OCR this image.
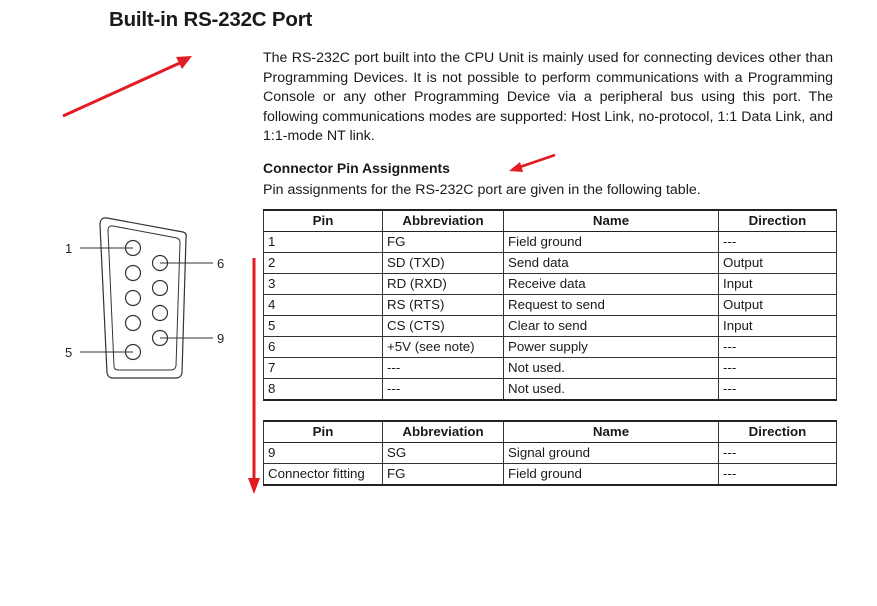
Built-in RS-232C Port

The RS-232C port built into the CPU Unit is mainly used for connecting devices other than Programming Devices. It is not possible to perform communications with a Programming Console or any other Programming Device via a peripheral bus using this port. The following communications modes are supported: Host Link, no-protocol, 1:1 Data Link, and 1:1-mode NT link.

Connector Pin Assignments

Pin assignments for the RS-232C port are given in the following table.

1
6
9
5
Pin	Abbreviation	Name	Direction
1	FG	Field ground	---
2	SD (TXD)	Send data	Output
3	RD (RXD)	Receive data	Input
4	RS (RTS)	Request to send	Output
5	CS (CTS)	Clear to send	Input
6	+5V (see note)	Power supply	---
7	---	Not used.	---
8	---	Not used.	---
Pin	Abbreviation	Name	Direction
9	SG	Signal ground	---
Connector fitting	FG	Field ground	---
